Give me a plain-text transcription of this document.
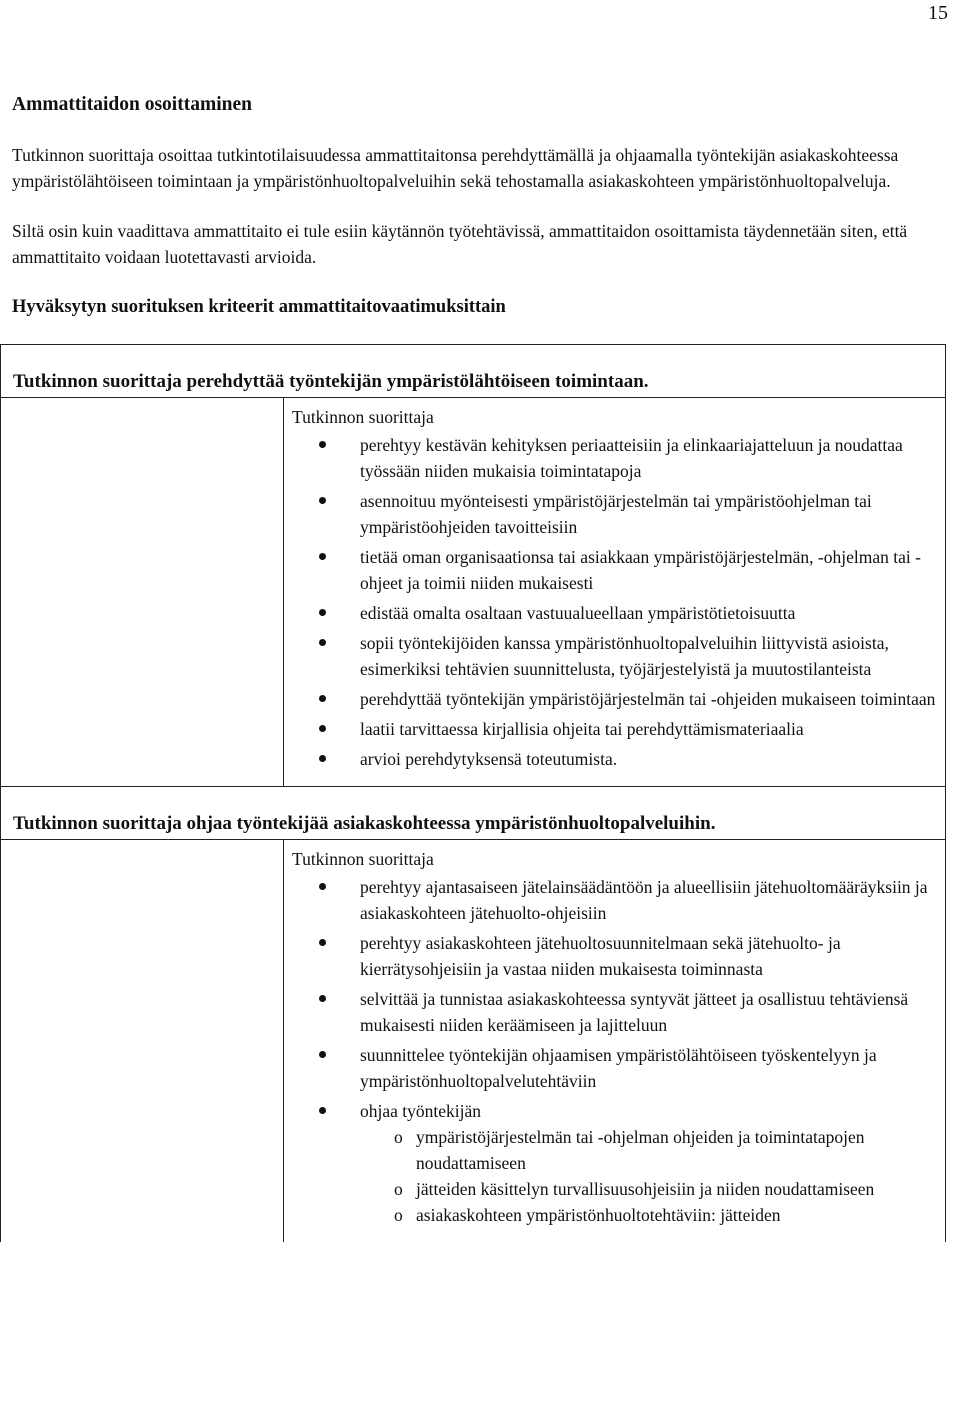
15
Ammattitaidon osoittaminen

Tutkinnon suorittaja osoittaa tutkintotilaisuudessa ammattitaitonsa perehdyttämällä ja ohjaamalla työntekijän asiakaskohteessa ympäristölähtöiseen toimintaan ja ympäristönhuoltopalveluihin sekä tehostamalla asiakaskohteen ympäristönhuoltopalveluja.

Siltä osin kuin vaadittava ammattitaito ei tule esiin käytännön työtehtävissä, ammattitaidon osoittamista täydennetään siten, että ammattitaito voidaan luotettavasti arvioida.

Hyväksytyn suorituksen kriteerit ammattitaitovaatimuksittain
Tutkinnon suorittaja perehdyttää työntekijän ympäristölähtöiseen toimintaan.
Tutkinnon suorittaja
perehtyy kestävän kehityksen periaatteisiin ja elinkaariajatteluun ja noudattaa työssään niiden mukaisia toimintatapoja
asennoituu myönteisesti ympäristöjärjestelmän tai ympäristöohjelman tai ympäristöohjeiden tavoitteisiin
tietää oman organisaationsa tai asiakkaan ympäristöjärjestelmän, -ohjelman tai -ohjeet ja toimii niiden mukaisesti
edistää omalta osaltaan vastuualueellaan ympäristötietoisuutta
sopii työntekijöiden kanssa ympäristönhuoltopalveluihin liittyvistä asioista, esimerkiksi tehtävien suunnittelusta, työjärjestelyistä ja muutostilanteista
perehdyttää työntekijän ympäristöjärjestelmän tai -ohjeiden mukaiseen toimintaan
laatii tarvittaessa kirjallisia ohjeita tai perehdyttämismateriaalia
arvioi perehdytyksensä toteutumista.
Tutkinnon suorittaja ohjaa työntekijää asiakaskohteessa ympäristönhuoltopalveluihin.
Tutkinnon suorittaja
perehtyy ajantasaiseen jätelainsäädäntöön ja alueellisiin jätehuoltomääräyksiin ja asiakaskohteen jätehuolto-ohjeisiin
perehtyy asiakaskohteen jätehuoltosuunnitelmaan sekä jätehuolto- ja kierrätysohjeisiin ja vastaa niiden mukaisesta toiminnasta
selvittää ja tunnistaa asiakaskohteessa syntyvät jätteet ja osallistuu tehtäviensä mukaisesti niiden keräämiseen ja lajitteluun
suunnittelee työntekijän ohjaamisen ympäristölähtöiseen työskentelyyn ja ympäristönhuoltopalvelutehtäviin
ohjaa työntekijän
o ympäristöjärjestelmän tai -ohjelman ohjeiden ja toimintatapojen noudattamiseen
o jätteiden käsittelyn turvallisuusohjeisiin ja niiden noudattamiseen
o asiakaskohteen ympäristönhuoltotehtäviin: jätteiden
